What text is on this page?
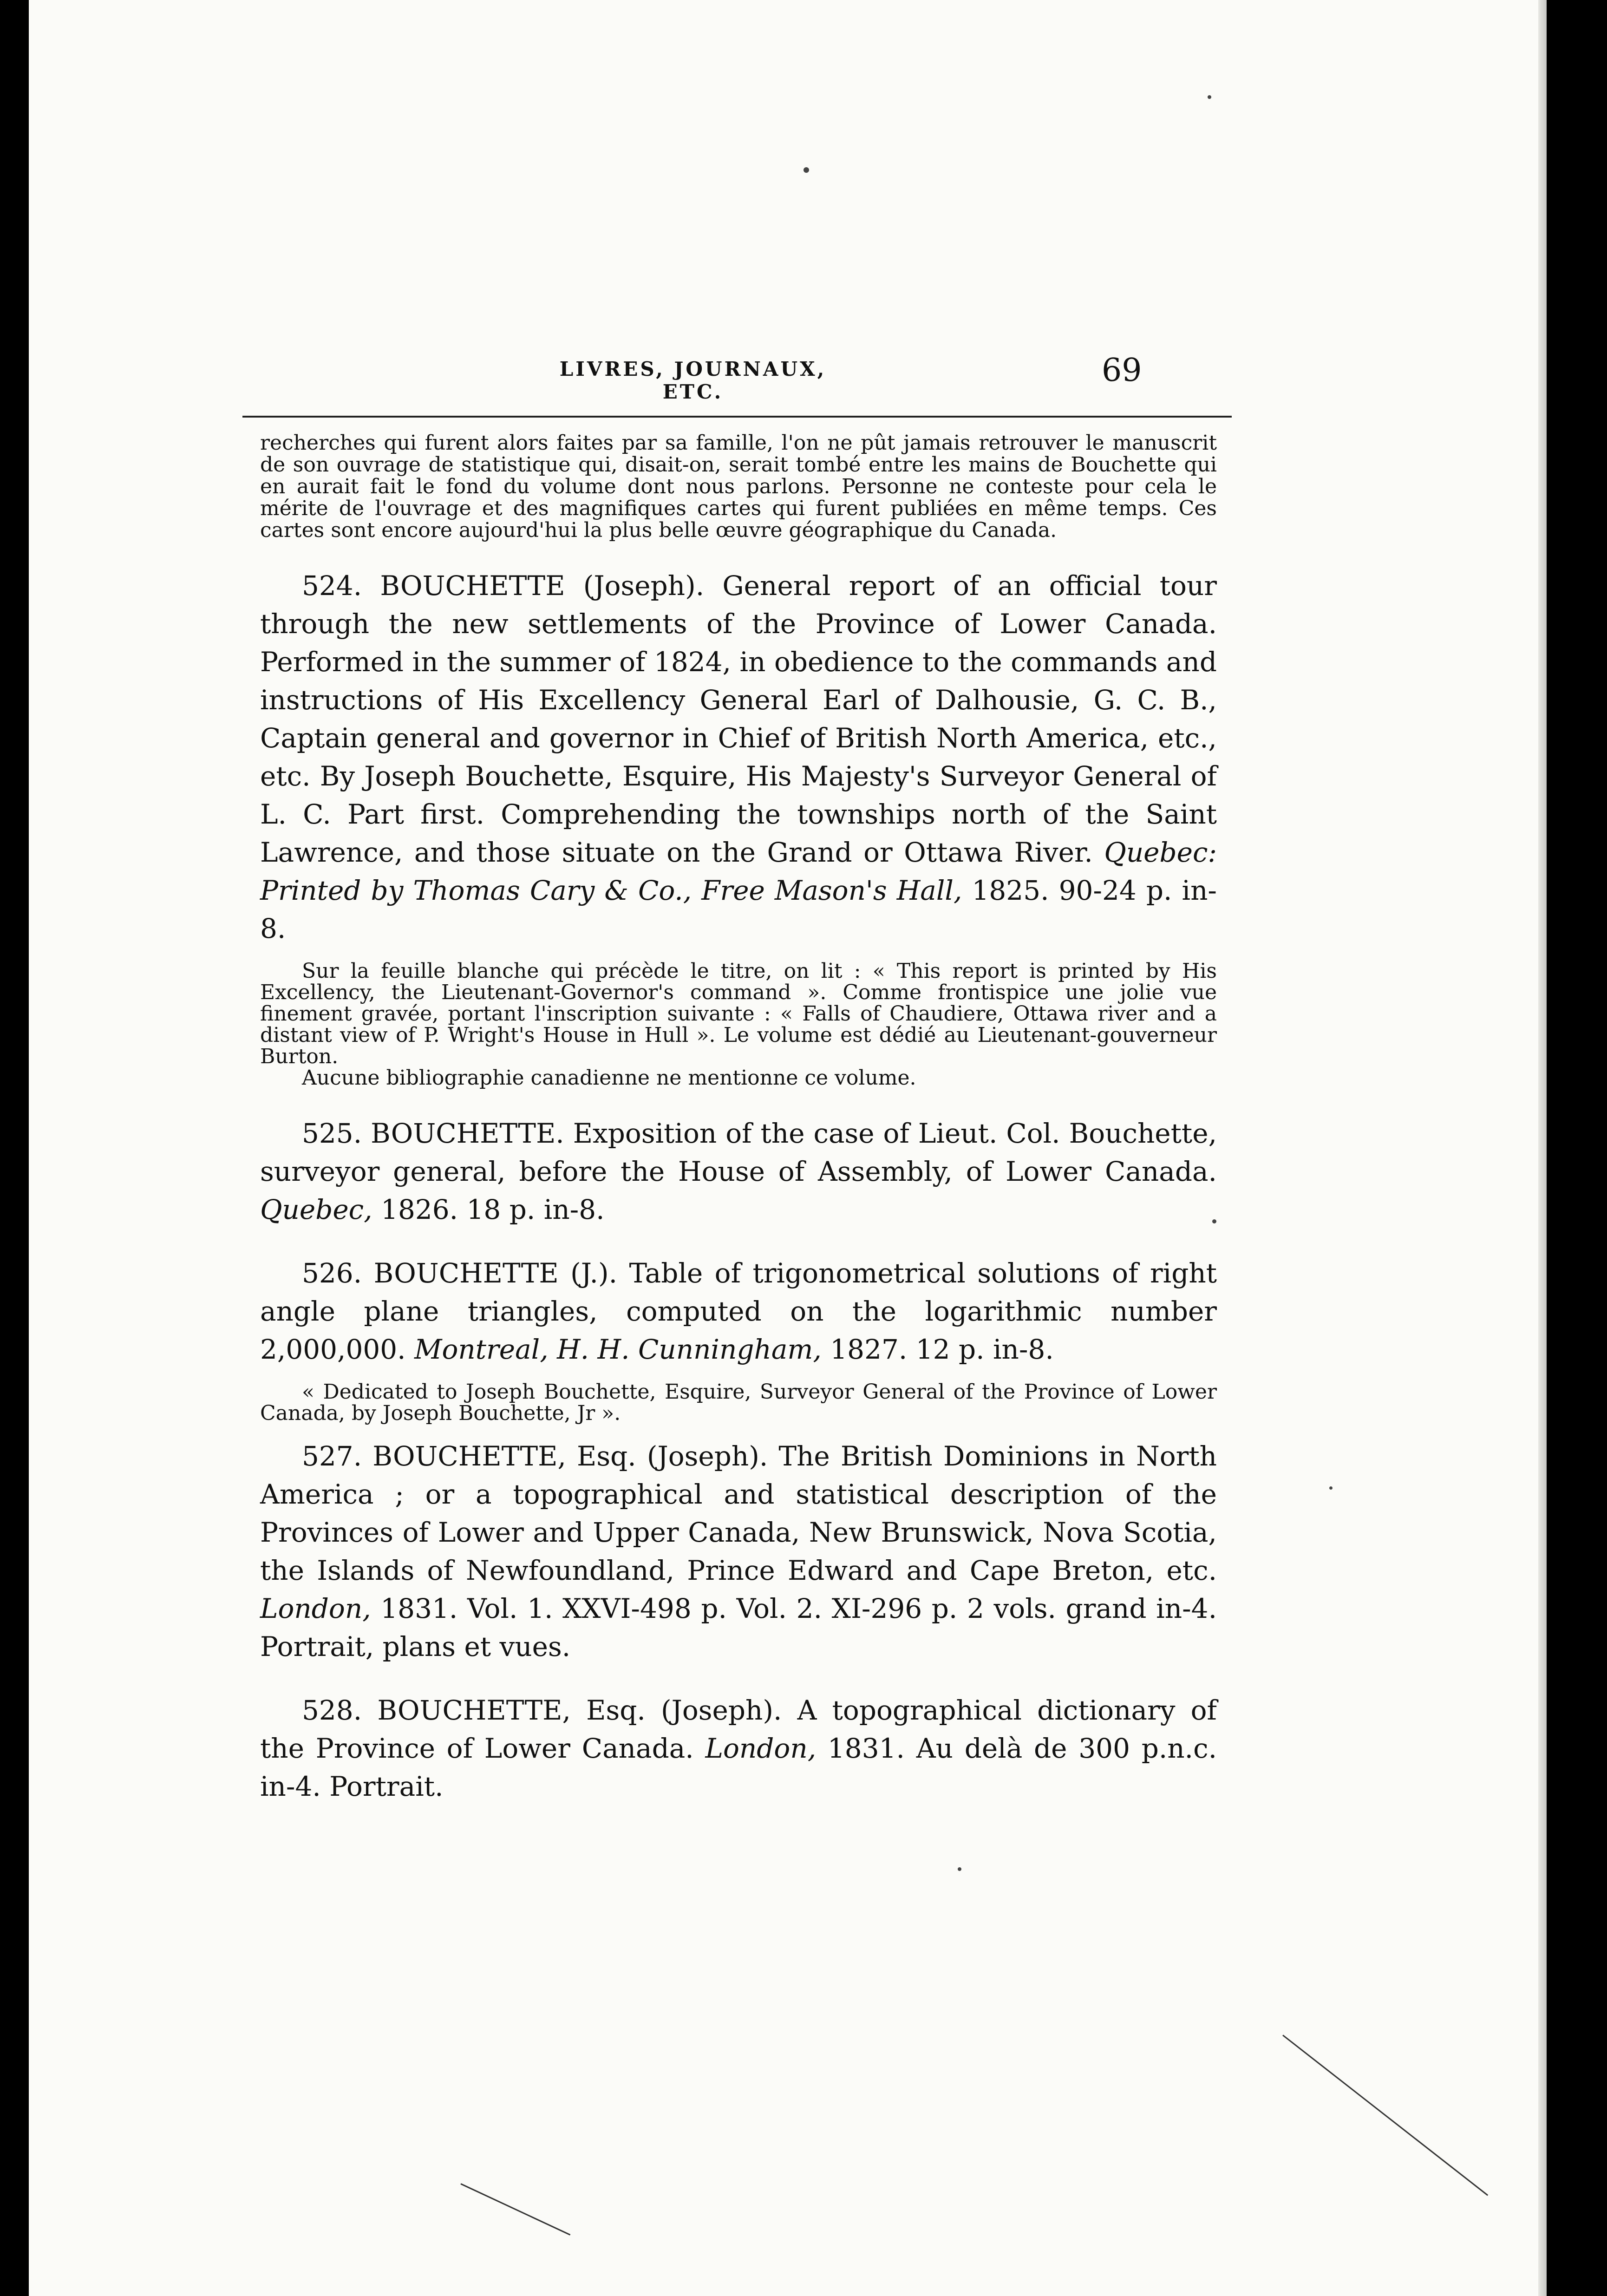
LIVRES, JOURNAUX, ETC.
69

recherches qui furent alors faites par sa famille, l'on ne pût jamais retrouver le manuscrit de son ouvrage de statistique qui, disait-on, serait tombé entre les mains de Bouchette qui en aurait fait le fond du volume dont nous parlons. Personne ne conteste pour cela le mérite de l'ouvrage et des magnifiques cartes qui furent publiées en même temps. Ces cartes sont encore aujourd'hui la plus belle œuvre géographique du Canada.

524. BOUCHETTE (Joseph). General report of an official tour through the new settlements of the Province of Lower Canada. Performed in the summer of 1824, in obedience to the commands and instructions of His Excellency General Earl of Dalhousie, G. C. B., Captain general and governor in Chief of British North America, etc., etc. By Joseph Bouchette, Esquire, His Majesty's Surveyor General of L. C. Part first. Comprehending the townships north of the Saint Lawrence, and those situate on the Grand or Ottawa River. Quebec: Printed by Thomas Cary & Co., Free Mason's Hall, 1825. 90-24 p. in-8.

Sur la feuille blanche qui précède le titre, on lit : « This report is printed by His Excellency, the Lieutenant-Governor's command ». Comme frontispice une jolie vue finement gravée, portant l'inscription suivante : « Falls of Chaudiere, Ottawa river and a distant view of P. Wright's House in Hull ». Le volume est dédié au Lieutenant-gouverneur Burton.

Aucune bibliographie canadienne ne mentionne ce volume.

525. BOUCHETTE. Exposition of the case of Lieut. Col. Bouchette, surveyor general, before the House of Assembly, of Lower Canada. Quebec, 1826. 18 p. in-8.

526. BOUCHETTE (J.). Table of trigonometrical solutions of right angle plane triangles, computed on the logarithmic number 2,000,000. Montreal, H. H. Cunningham, 1827. 12 p. in-8.

« Dedicated to Joseph Bouchette, Esquire, Surveyor General of the Province of Lower Canada, by Joseph Bouchette, Jr ».

527. BOUCHETTE, Esq. (Joseph). The British Dominions in North America ; or a topographical and statistical description of the Provinces of Lower and Upper Canada, New Brunswick, Nova Scotia, the Islands of Newfoundland, Prince Edward and Cape Breton, etc. London, 1831. Vol. 1. XXVI-498 p. Vol. 2. XI-296 p. 2 vols. grand in-4. Portrait, plans et vues.

528. BOUCHETTE, Esq. (Joseph). A topographical dictionary of the Province of Lower Canada. London, 1831. Au delà de 300 p.n.c. in-4. Portrait.
